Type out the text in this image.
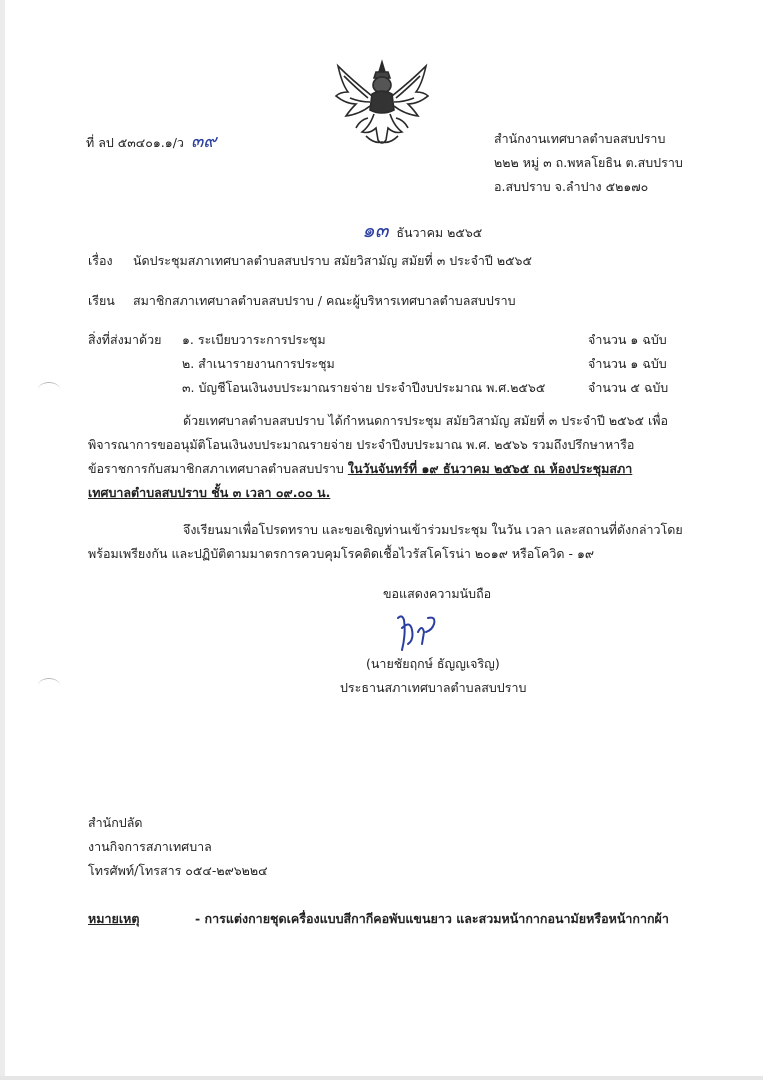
ที่ ลป ๕๓๔๐๑.๑/ว ๓๙	สำนักงานเทศบาลตำบลสบปราบ
๒๒๒ หมู่ ๓ ถ.พหลโยธิน ต.สบปราบ
อ.สบปราบ จ.ลำปาง ๕๒๑๗๐
๑๓ ธันวาคม ๒๕๖๕
เรื่อง นัดประชุมสภาเทศบาลตำบลสบปราบ สมัยวิสามัญ สมัยที่ ๓ ประจำปี ๒๕๖๕
เรียน สมาชิกสภาเทศบาลตำบลสบปราบ / คณะผู้บริหารเทศบาลตำบลสบปราบ
สิ่งที่ส่งมาด้วย ๑. ระเบียบวาระการประชุม	จำนวน ๑ ฉบับ
๒. สำเนารายงานการประชุม	จำนวน ๑ ฉบับ
๓. บัญชีโอนเงินงบประมาณรายจ่าย ประจำปีงบประมาณ พ.ศ.๒๕๖๕	จำนวน ๕ ฉบับ
ด้วยเทศบาลตำบลสบปราบ ได้กำหนดการประชุม สมัยวิสามัญ สมัยที่ ๓ ประจำปี ๒๕๖๕ เพื่อ
พิจารณาการขออนุมัติโอนเงินงบประมาณรายจ่าย ประจำปีงบประมาณ พ.ศ. ๒๕๖๖ รวมถึงปรึกษาหารือ
ข้อราชการกับสมาชิกสภาเทศบาลตำบลสบปราบ ในวันจันทร์ที่ ๑๙ ธันวาคม ๒๕๖๕ ณ ห้องประชุมสภา
เทศบาลตำบลสบปราบ ชั้น ๓ เวลา ๐๙.๐๐ น.
จึงเรียนมาเพื่อโปรดทราบ และขอเชิญท่านเข้าร่วมประชุม ในวัน เวลา และสถานที่ดังกล่าวโดย
พร้อมเพรียงกัน และปฏิบัติตามมาตรการควบคุมโรคติดเชื้อไวรัสโคโรน่า ๒๐๑๙ หรือโควิด - ๑๙
ขอแสดงความนับถือ
(นายชัยฤกษ์ ธัญญเจริญ)
ประธานสภาเทศบาลตำบลสบปราบ
สำนักปลัด
งานกิจการสภาเทศบาล
โทรศัพท์/โทรสาร ๐๕๔-๒๙๖๒๒๔
หมายเหตุ	- การแต่งกายชุดเครื่องแบบสีกากีคอพับแขนยาว และสวมหน้ากากอนามัยหรือหน้ากากผ้า
